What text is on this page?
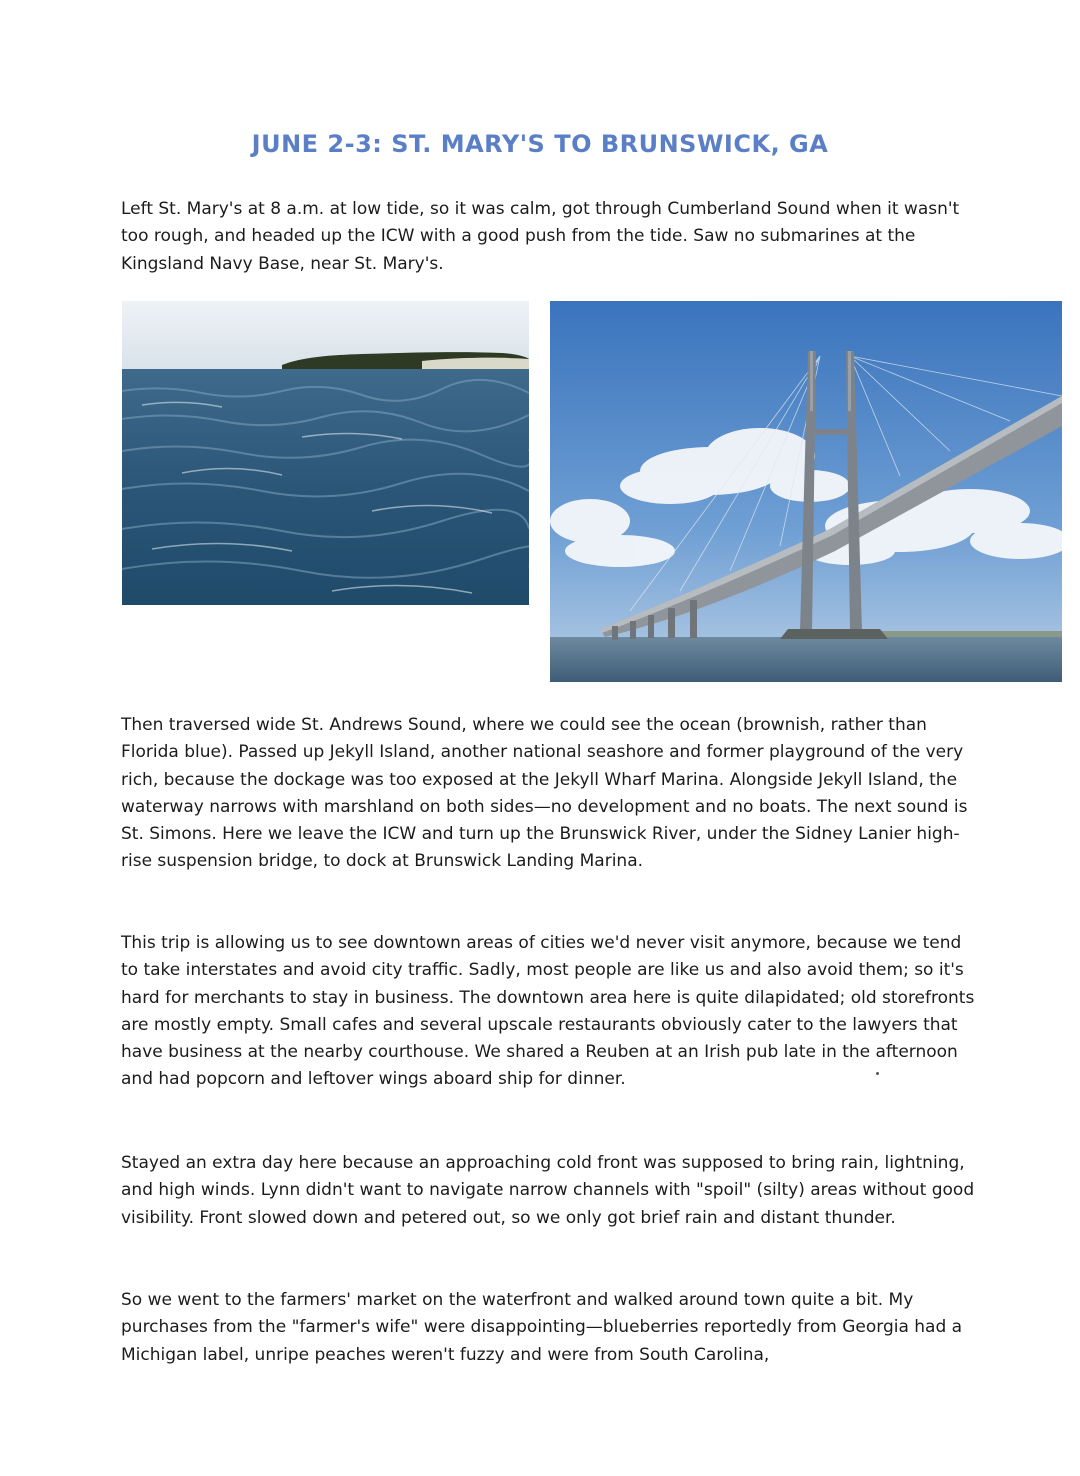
JUNE 2-3: ST. MARY'S TO BRUNSWICK, GA

Left St. Mary's at 8 a.m. at low tide, so it was calm, got through Cumberland Sound when it wasn't too rough, and headed up the ICW with a good push from the tide. Saw no submarines at the Kingsland Navy Base, near St. Mary's.

Then traversed wide St. Andrews Sound, where we could see the ocean (brownish, rather than Florida blue). Passed up Jekyll Island, another national seashore and former playground of the very rich, because the dockage was too exposed at the Jekyll Wharf Marina. Alongside Jekyll Island, the waterway narrows with marshland on both sides—no development and no boats. The next sound is St. Simons. Here we leave the ICW and turn up the Brunswick River, under the Sidney Lanier high-rise suspension bridge, to dock at Brunswick Landing Marina.

This trip is allowing us to see downtown areas of cities we'd never visit anymore, because we tend to take interstates and avoid city traffic. Sadly, most people are like us and also avoid them; so it's hard for merchants to stay in business. The downtown area here is quite dilapidated; old storefronts are mostly empty. Small cafes and several upscale restaurants obviously cater to the lawyers that have business at the nearby courthouse. We shared a Reuben at an Irish pub late in the afternoon and had popcorn and leftover wings aboard ship for dinner.

Stayed an extra day here because an approaching cold front was supposed to bring rain, lightning, and high winds. Lynn didn't want to navigate narrow channels with "spoil" (silty) areas without good visibility. Front slowed down and petered out, so we only got brief rain and distant thunder.

So we went to the farmers' market on the waterfront and walked around town quite a bit. My purchases from the "farmer's wife" were disappointing—blueberries reportedly from Georgia had a Michigan label, unripe peaches weren't fuzzy and were from South Carolina,
